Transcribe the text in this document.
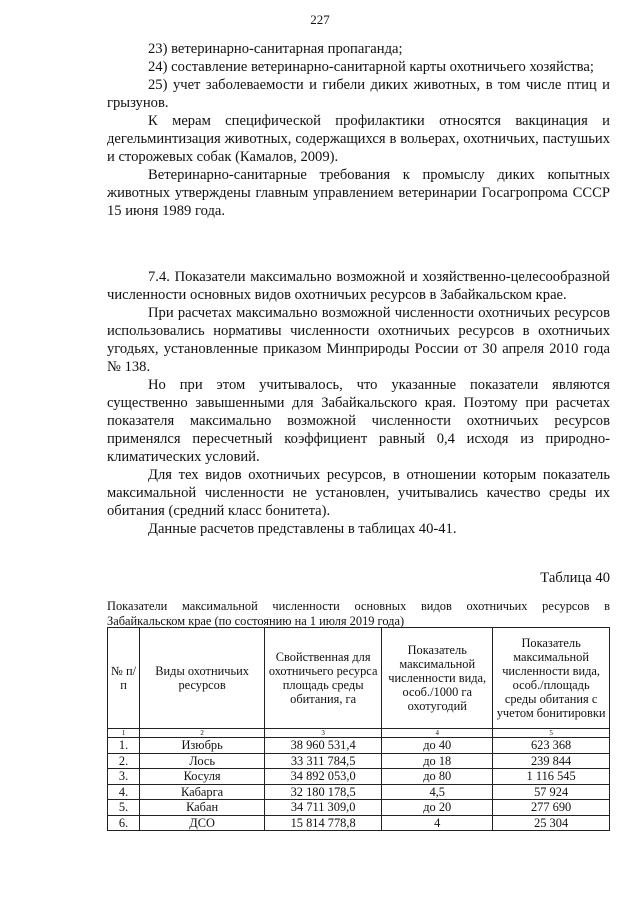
227

23) ветеринарно-санитарная пропаганда;

24) составление ветеринарно-санитарной карты охотничьего хозяйства;

25) учет заболеваемости и гибели диких животных, в том числе птиц и грызунов.

К мерам специфической профилактики относятся вакцинация и дегельминтизация животных, содержащихся в вольерах, охотничьих, пастушьих и сторожевых собак (Камалов, 2009).

Ветеринарно-санитарные требования к промыслу диких копытных животных утверждены главным управлением ветеринарии Госагропрома СССР 15 июня 1989 года.

7.4. Показатели максимально возможной и хозяйственно-целесообразной численности основных видов охотничьих ресурсов в Забайкальском крае.

При расчетах максимально возможной численности охотничьих ресурсов использовались нормативы численности охотничьих ресурсов в охотничьих угодьях, установленные приказом Минприроды России от 30 апреля 2010 года № 138.

Но при этом учитывалось, что указанные показатели являются существенно завышенными для Забайкальского края. Поэтому при расчетах показателя максимально возможной численности охотничьих ресурсов применялся пересчетный коэффициент равный 0,4 исходя из природно-климатических условий.

Для тех видов охотничьих ресурсов, в отношении которым показатель максимальной численности не установлен, учитывались качество среды их обитания (средний класс бонитета).

Данные расчетов представлены в таблицах 40-41.

Таблица 40
Показатели максимальной численности основных видов охотничьих ресурсов в Забайкальском крае (по состоянию на 1 июля 2019 года)
№ п/п	Виды охотничьих ресурсов	Свойственная для охотничьего ресурса площадь среды обитания, га	Показатель максимальной численности вида, особ./1000 га охотугодий	Показатель максимальной численности вида, особ./площадь среды обитания с учетом бонитировки
1	2	3	4	5
1.	Изюбрь	38 960 531,4	до 40	623 368
2.	Лось	33 311 784,5	до 18	239 844
3.	Косуля	34 892 053,0	до 80	1 116 545
4.	Кабарга	32 180 178,5	4,5	57 924
5.	Кабан	34 711 309,0	до 20	277 690
6.	ДСО	15 814 778,8	4	25 304
